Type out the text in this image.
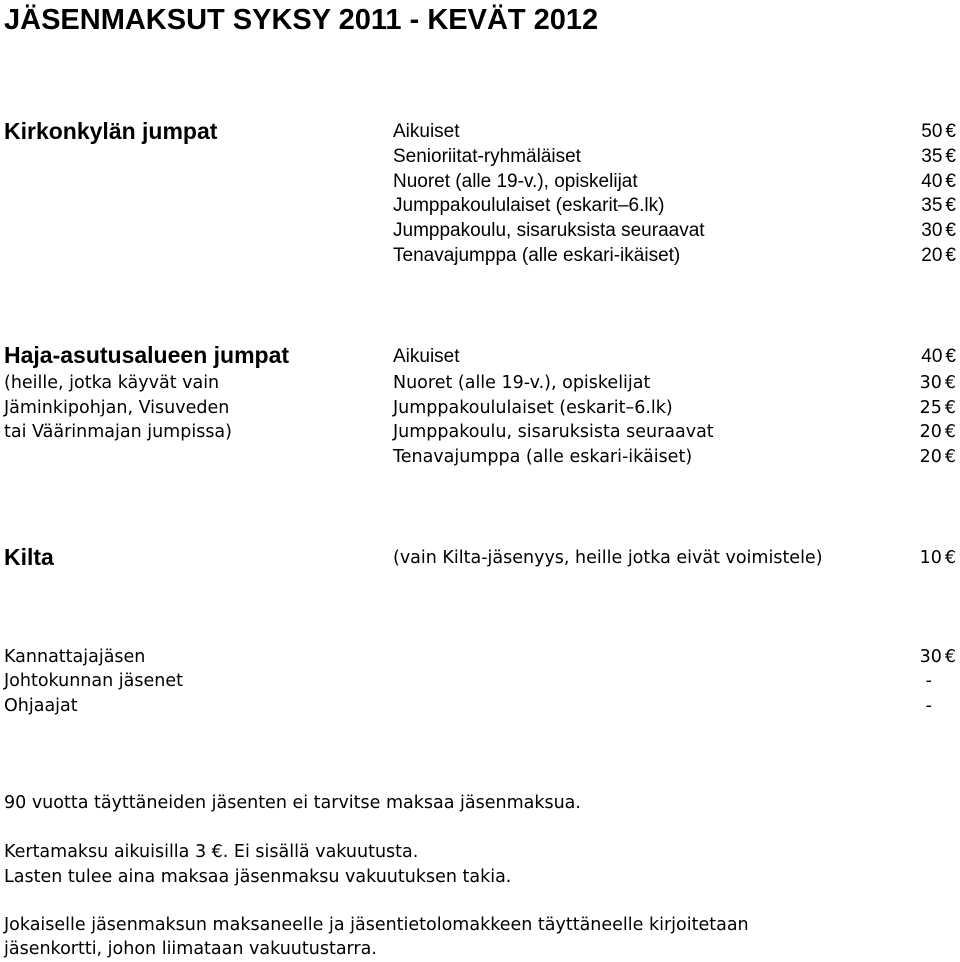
JÄSENMAKSUT SYKSY 2011 - KEVÄT 2012
Kirkonkylän jumpat	Aikuiset	50 €
Senioriitat-ryhmäläiset	35 €
Nuoret (alle 19-v.), opiskelijat	40 €
Jumppakoululaiset (eskarit–6.lk)	35 €
Jumppakoulu, sisaruksista seuraavat	30 €
Tenavajumppa (alle eskari-ikäiset)	20 €
Haja-asutusalueen jumpat
(heille, jotka käyvät vain
Jäminkipohjan, Visuveden
tai Väärinmajan jumpissa)
Aikuiset	40 €
Nuoret (alle 19-v.), opiskelijat	30 €
Jumppakoululaiset (eskarit–6.lk)	25 €
Jumppakoulu, sisaruksista seuraavat	20 €
Tenavajumppa (alle eskari-ikäiset)	20 €
Kilta	(vain Kilta-jäsenyys, heille jotka eivät voimistele)	10 €
Kannattajajäsen	30 €
Johtokunnan jäsenet	-
Ohjaajat	-
90 vuotta täyttäneiden jäsenten ei tarvitse maksaa jäsenmaksua.
Kertamaksu aikuisilla 3 €. Ei sisällä vakuutusta.
Lasten tulee aina maksaa jäsenmaksu vakuutuksen takia.
Jokaiselle jäsenmaksun maksaneelle ja jäsentietolomakkeen täyttäneelle kirjoitetaan
jäsenkortti, johon liimataan vakuutustarra.
